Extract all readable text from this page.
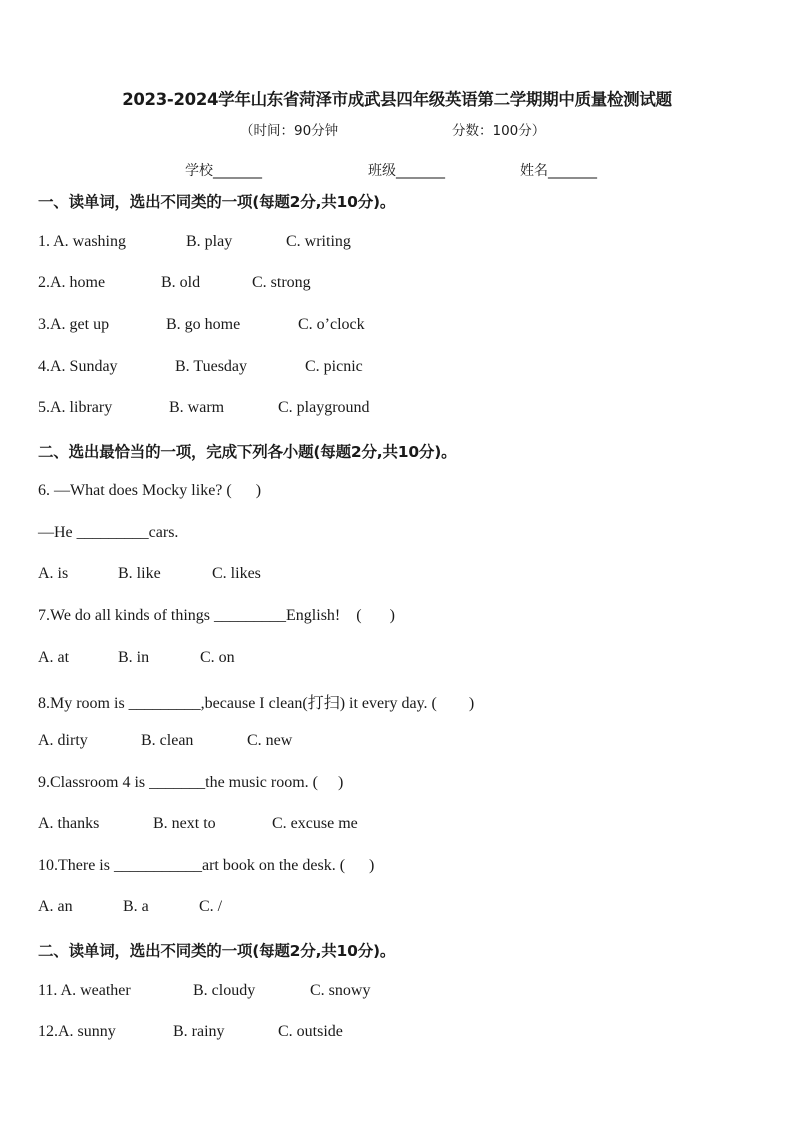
2023-2024学年山东省菏泽市成武县四年级英语第二学期期中质量检测试题
（时间：90分钟	分数：100分）
学校_______	班级_______	姓名_______
一、读单词，选出不同类的一项(每题2分,共10分)。
1. A. washing	B. play	C. writing
2.A. home	B. old	C. strong
3.A. get up	B. go home	C. o’clock
4.A. Sunday	B. Tuesday	C. picnic
5.A. library	B. warm	C. playground
二、选出最恰当的一项，完成下列各小题(每题2分,共10分)。
6. —What does Mocky like? (      )
—He _________cars.
A. is	B. like	C. likes
7.We do all kinds of things _________English!    (       )
A. at	B. in	C. on
8.My room is _________,because I clean(打扫) it every day. (        )
A. dirty	B. clean	C. new
9.Classroom 4 is _______the music room. (     )
A. thanks	B. next to	C. excuse me
10.There is ___________art book on the desk. (      )
A. an	B. a	C. /
二、读单词，选出不同类的一项(每题2分,共10分)。
11. A. weather	B. cloudy	C. snowy
12.A. sunny	B. rainy	C. outside
